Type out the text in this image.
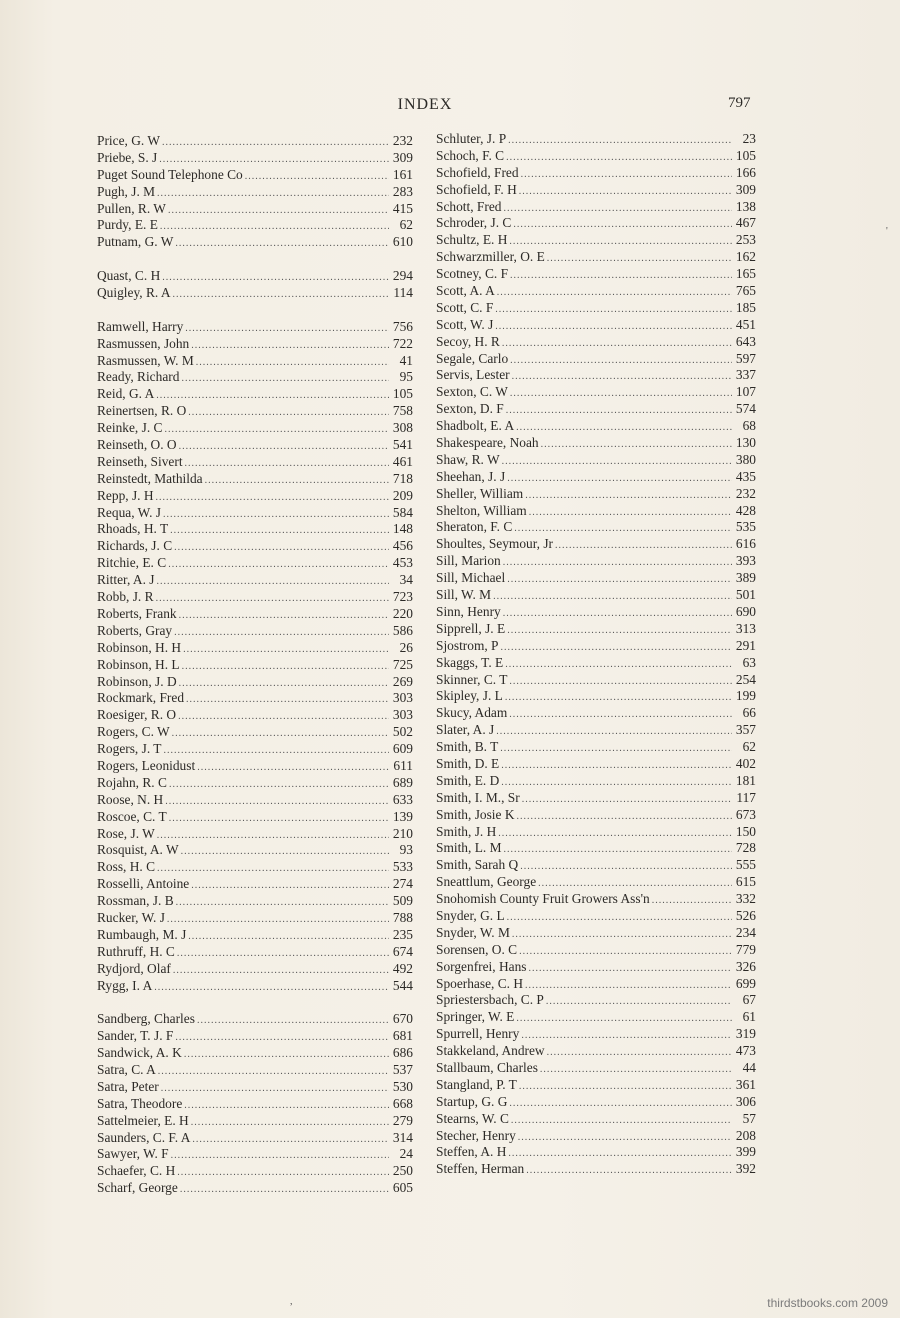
INDEX	797
Price, G. W .....	232
Priebe, S. J .....	309
Puget Sound Telephone Co .....	161
Pugh, J. M .....	283
Pullen, R. W .....	415
Purdy, E. E .....	62
Putnam, G. W .....	610
Quast, C. H .....	294
Quigley, R. A .....	114
Ramwell, Harry .....	756
Rasmussen, John .....	722
Rasmussen, W. M .....	41
Ready, Richard .....	95
Reid, G. A .....	105
Reinertsen, R. O .....	758
Reinke, J. C .....	308
Reinseth, O. O .....	541
Reinseth, Sivert .....	461
Reinstedt, Mathilda .....	718
Repp, J. H .....	209
Requa, W. J .....	584
Rhoads, H. T .....	148
Richards, J. C .....	456
Ritchie, E. C .....	453
Ritter, A. J .....	34
Robb, J. R .....	723
Roberts, Frank .....	220
Roberts, Gray .....	586
Robinson, H. H .....	26
Robinson, H. L .....	725
Robinson, J. D .....	269
Rockmark, Fred .....	303
Roesiger, R. O .....	303
Rogers, C. W .....	502
Rogers, J. T .....	609
Rogers, Leonidust .....	611
Rojahn, R. C .....	689
Roose, N. H .....	633
Roscoe, C. T .....	139
Rose, J. W .....	210
Rosquist, A. W .....	93
Ross, H. C .....	533
Rosselli, Antoine .....	274
Rossman, J. B .....	509
Rucker, W. J .....	788
Rumbaugh, M. J .....	235
Ruthruff, H. C .....	674
Rydjord, Olaf .....	492
Rygg, I. A .....	544
Sandberg, Charles .....	670
Sander, T. J. F .....	681
Sandwick, A. K .....	686
Satra, C. A .....	537
Satra, Peter .....	530
Satra, Theodore .....	668
Sattelmeier, E. H .....	279
Saunders, C. F. A .....	314
Sawyer, W. F .....	24
Schaefer, C. H .....	250
Scharf, George .....	605
Schluter, J. P .....	23
Schoch, F. C .....	105
Schofield, Fred .....	166
Schofield, F. H .....	309
Schott, Fred .....	138
Schroder, J. C .....	467
Schultz, E. H .....	253
Schwarzmiller, O. E .....	162
Scotney, C. F .....	165
Scott, A. A .....	765
Scott, C. F .....	185
Scott, W. J .....	451
Secoy, H. R .....	643
Segale, Carlo .....	597
Servis, Lester .....	337
Sexton, C. W .....	107
Sexton, D. F .....	574
Shadbolt, E. A .....	68
Shakespeare, Noah .....	130
Shaw, R. W .....	380
Sheehan, J. J .....	435
Sheller, William .....	232
Shelton, William .....	428
Sheraton, F. C .....	535
Shoultes, Seymour, Jr .....	616
Sill, Marion .....	393
Sill, Michael .....	389
Sill, W. M .....	501
Sinn, Henry .....	690
Sipprell, J. E .....	313
Sjostrom, P .....	291
Skaggs, T. E .....	63
Skinner, C. T .....	254
Skipley, J. L .....	199
Skucy, Adam .....	66
Slater, A. J .....	357
Smith, B. T .....	62
Smith, D. E .....	402
Smith, E. D .....	181
Smith, I. M., Sr .....	117
Smith, Josie K .....	673
Smith, J. H .....	150
Smith, L. M .....	728
Smith, Sarah Q .....	555
Sneattlum, George .....	615
Snohomish County Fruit Growers Ass'n .....	332
Snyder, G. L .....	526
Snyder, W. M .....	234
Sorensen, O. C .....	779
Sorgenfrei, Hans .....	326
Spoerhase, C. H .....	699
Spriestersbach, C. P .....	67
Springer, W. E .....	61
Spurrell, Henry .....	319
Stakkeland, Andrew .....	473
Stallbaum, Charles .....	44
Stangland, P. T .....	361
Startup, G. G .....	306
Stearns, W. C .....	57
Stecher, Henry .....	208
Steffen, A. H .....	399
Steffen, Herman .....	392
'
,	thirdstbooks.com 2009
